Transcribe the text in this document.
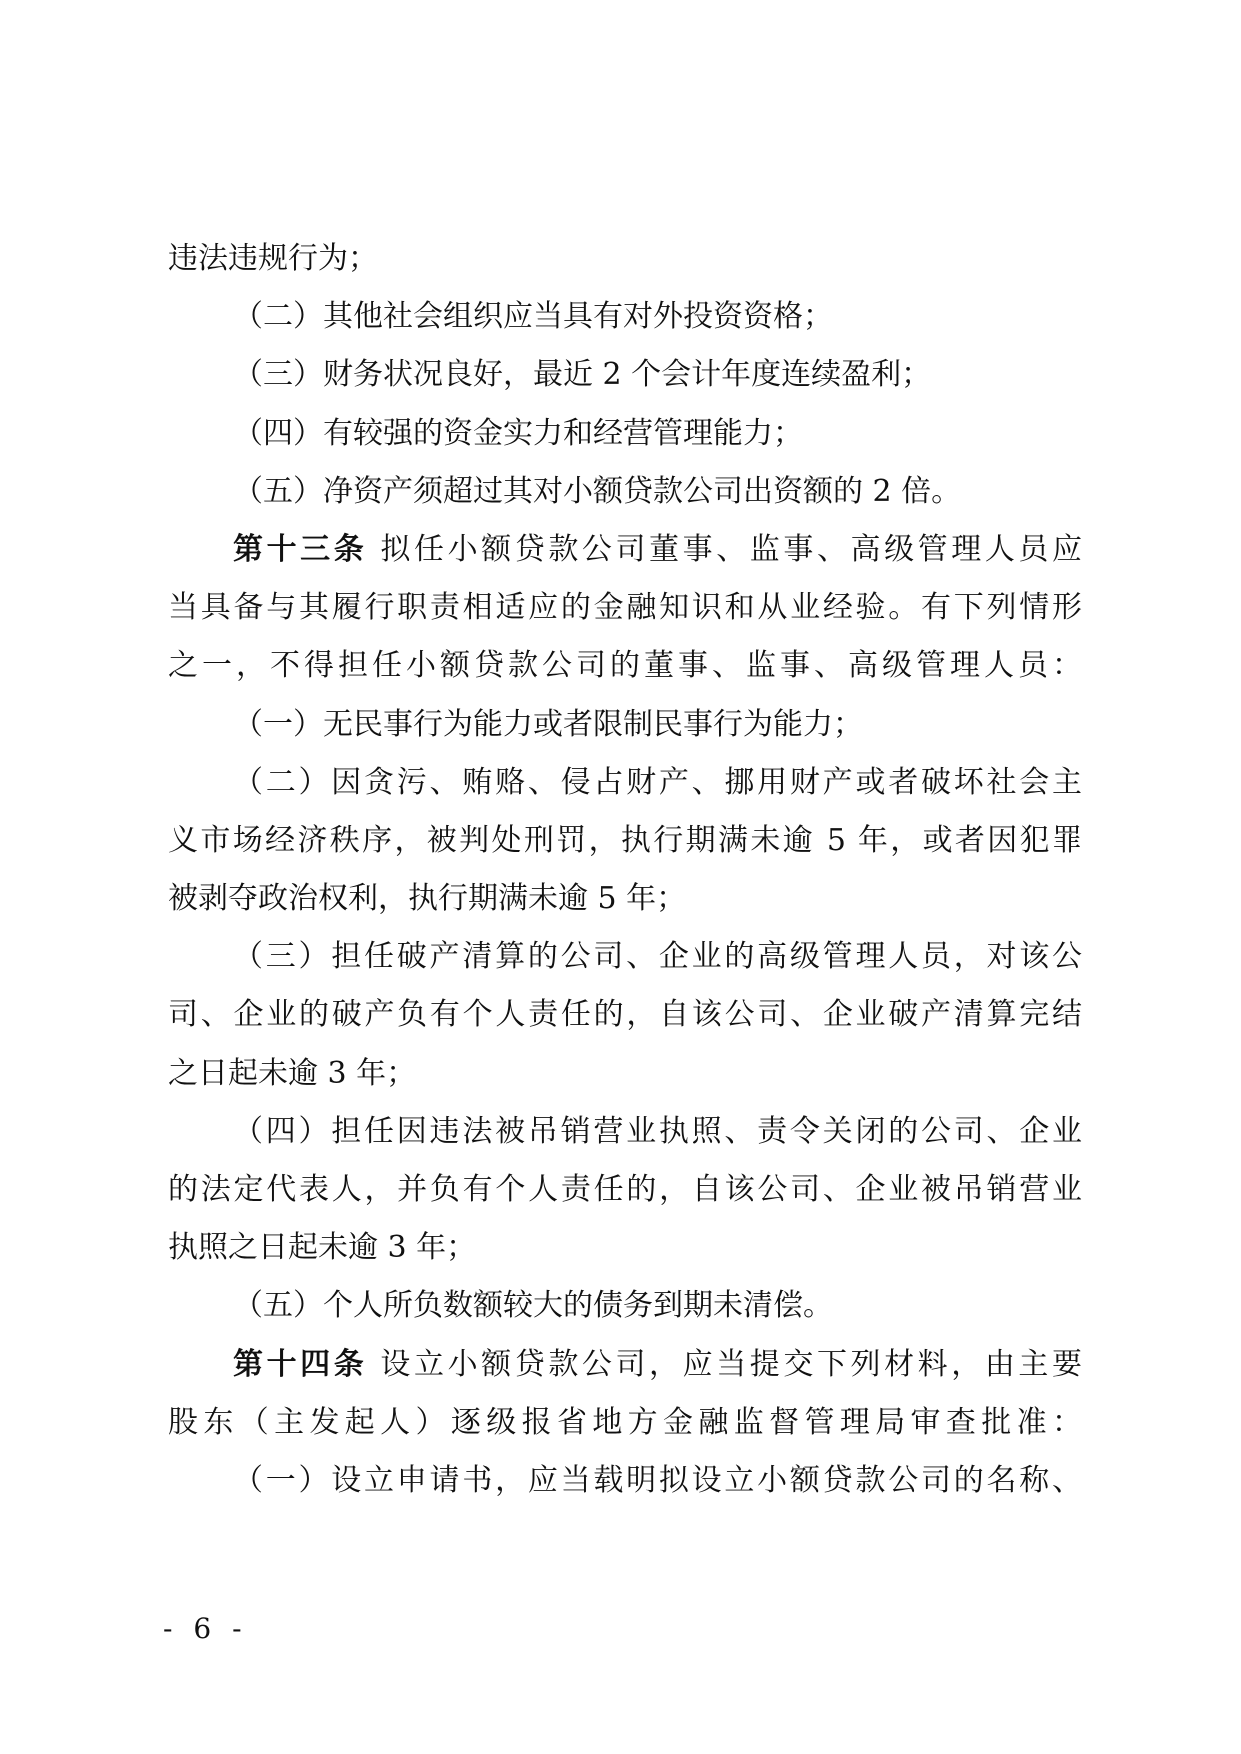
违法违规行为；
（二）其他社会组织应当具有对外投资资格；
（三）财务状况良好，最近 2 个会计年度连续盈利；
（四）有较强的资金实力和经营管理能力；
（五）净资产须超过其对小额贷款公司出资额的 2 倍。
第十三条 拟任小额贷款公司董事、监事、高级管理人员应
当具备与其履行职责相适应的金融知识和从业经验。有下列情形
之一，不得担任小额贷款公司的董事、监事、高级管理人员：
（一）无民事行为能力或者限制民事行为能力；
（二）因贪污、贿赂、侵占财产、挪用财产或者破坏社会主
义市场经济秩序，被判处刑罚，执行期满未逾 5 年，或者因犯罪
被剥夺政治权利，执行期满未逾 5 年；
（三）担任破产清算的公司、企业的高级管理人员，对该公
司、企业的破产负有个人责任的，自该公司、企业破产清算完结
之日起未逾 3 年；
（四）担任因违法被吊销营业执照、责令关闭的公司、企业
的法定代表人，并负有个人责任的，自该公司、企业被吊销营业
执照之日起未逾 3 年；
（五）个人所负数额较大的债务到期未清偿。
第十四条 设立小额贷款公司，应当提交下列材料，由主要
股东（主发起人）逐级报省地方金融监督管理局审查批准：
（一）设立申请书，应当载明拟设立小额贷款公司的名称、
- 6 -
